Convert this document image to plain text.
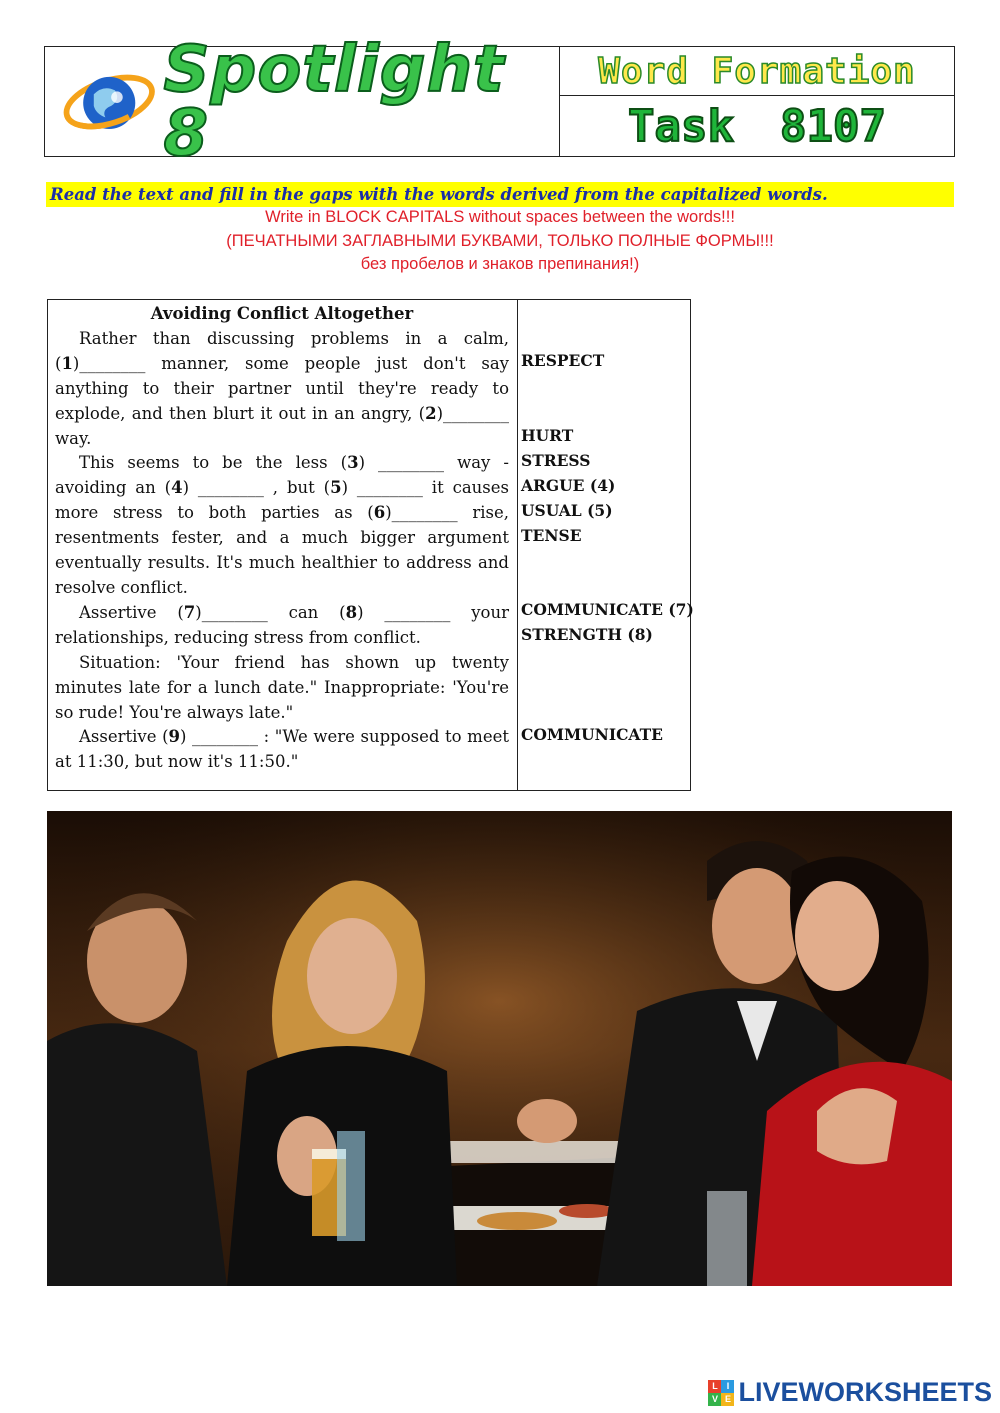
Spotlight 8
Word Formation
Task 8107
Read the text and fill in the gaps with the words derived from the capitalized words.
Write in BLOCK CAPITALS without spaces between the words!!!
(ПЕЧАТНЫМИ ЗАГЛАВНЫМИ БУКВАМИ, ТОЛЬКО ПОЛНЫЕ ФОРМЫ!!!
без пробелов и знаков препинания!)
Avoiding Conflict Altogether

Rather than discussing problems in a calm, (1)________ manner, some people just don't say anything to their partner until they're ready to explode, and then blurt it out in an angry, (2)________ way.

This seems to be the less (3) ________ way - avoiding an (4) ________ , but (5) ________ it causes more stress to both parties as (6)________ rise, resentments fester, and a much bigger argument eventually results. It's much healthier to address and resolve conflict.

Assertive (7)________ can (8) ________ your relationships, reducing stress from conflict.

Situation: 'Your friend has shown up twenty minutes late for a lunch date." Inappropriate: 'You're so rude! You're always late."

Assertive (9) ________ : "We were supposed to meet at 11:30, but now it's 11:50."

RESPECT
HURT
STRESS
ARGUE (4)
USUAL (5)
TENSE
COMMUNICATE (7)
STRENGTH (8)
COMMUNICATE
L I
V E LIVEWORKSHEETS
